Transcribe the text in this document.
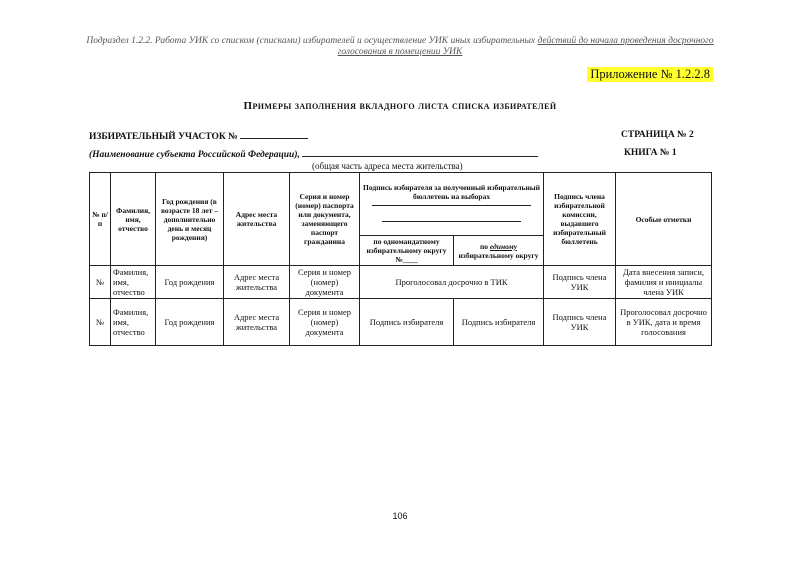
Подраздел 1.2.2. Работа УИК со списком (списками) избирателей и осуществление УИК иных избирательных действий до начала проведения досрочного
голосования в помещении УИК
Приложение № 1.2.2.8
Примеры заполнения вкладного листа списка избирателей
ИЗБИРАТЕЛЬНЫЙ УЧАСТОК №	СТРАНИЦА № 2
(Наименование субъекта Российской Федерации),	КНИГА № 1
(общая часть адреса места жительства)
№ п/п	Фамилия, имя, отчество	Год рождения (в возрасте 18 лет – дополнительно день и месяц рождения)	Адрес места жительства	Серия и номер (номер) паспорта или документа, заменяющего паспорт гражданина	Подпись избирателя за полученный избирательный бюллетень на выборах		Подпись члена избирательной комиссии, выдавшего избирательный бюллетень	Особые отметки
					по одномандатному избирательному округу №____	по единому избирательному округу		
№	Фамилия, имя, отчество	Год рождения	Адрес места жительства	Серия и номер (номер) документа	Проголосовал досрочно в ТИК		Подпись члена УИК	Дата внесения записи, фамилия и инициалы члена УИК
№	Фамилия, имя, отчество	Год рождения	Адрес места жительства	Серия и номер (номер) документа	Подпись избирателя	Подпись избирателя	Подпись члена УИК	Проголосовал досрочно в УИК, дата и время голосования
106
